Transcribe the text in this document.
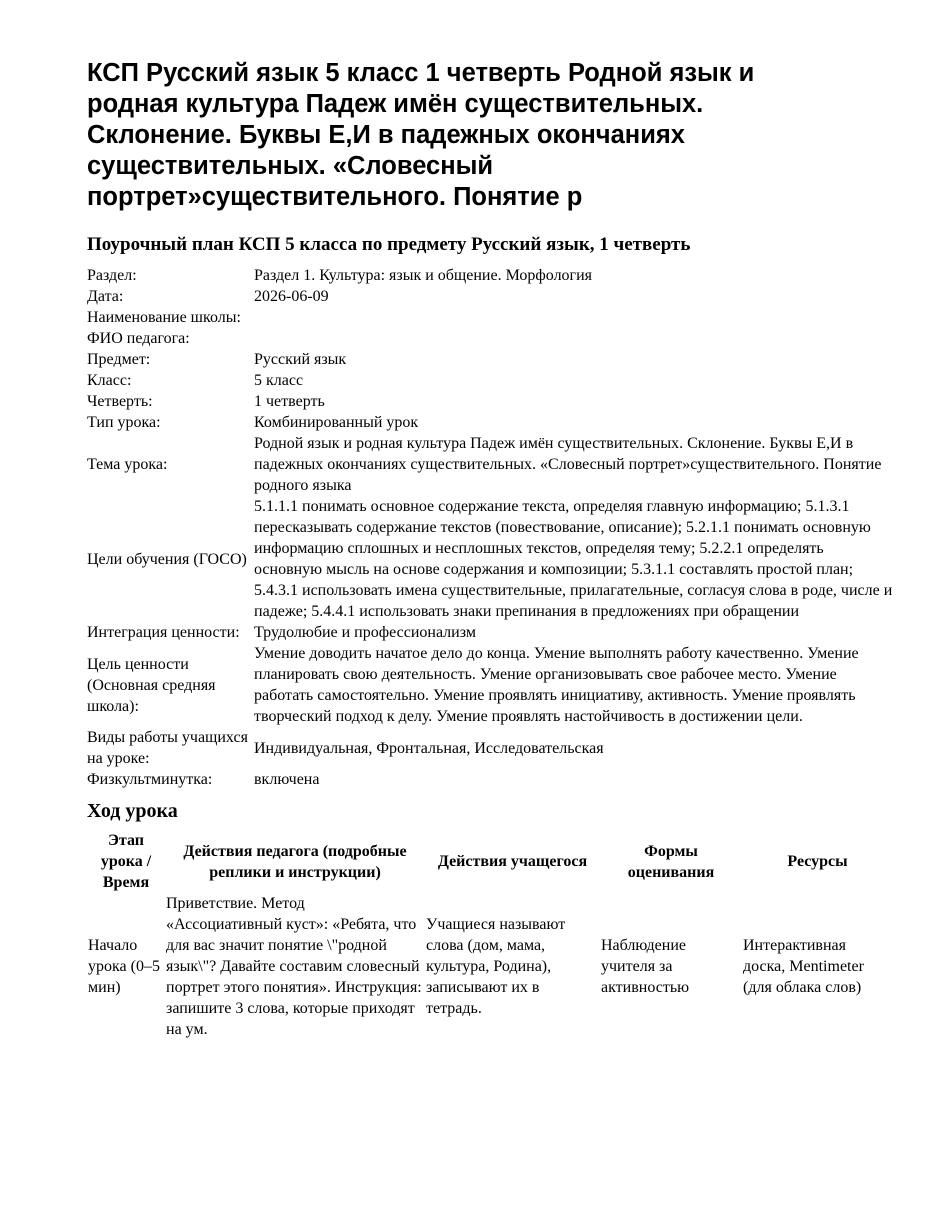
КСП Русский язык 5 класс 1 четверть Родной язык и родная культура Падеж имён существительных. Склонение. Буквы Е,И в падежных окончаниях существительных. «Словесный портрет»существительного. Понятие р
Поурочный план КСП 5 класса по предмету Русский язык, 1 четверть
Раздел:	Раздел 1. Культура: язык и общение. Морфология
Дата:	2026-06-09
Наименование школы:	
ФИО педагога:	
Предмет:	Русский язык
Класс:	5 класс
Четверть:	1 четверть
Тип урока:	Комбинированный урок
Тема урока:	Родной язык и родная культура Падеж имён существительных. Склонение. Буквы Е,И в падежных окончаниях существительных. «Словесный портрет»существительного. Понятие родного языка
Цели обучения (ГОСО)	5.1.1.1 понимать основное содержание текста, определяя главную информацию; 5.1.3.1 пересказывать содержание текстов (повествование, описание); 5.2.1.1 понимать основную информацию сплошных и несплошных текстов, определяя тему; 5.2.2.1 определять основную мысль на основе содержания и композиции; 5.3.1.1 составлять простой план; 5.4.3.1 использовать имена существительные, прилагательные, согласуя слова в роде, числе и падеже; 5.4.4.1 использовать знаки препинания в предложениях при обращении
Интеграция ценности:	Трудолюбие и профессионализм
Цель ценности (Основная средняя школа):	Умение доводить начатое дело до конца. Умение выполнять работу качественно. Умение планировать свою деятельность. Умение организовывать свое рабочее место. Умение работать самостоятельно. Умение проявлять инициативу, активность. Умение проявлять творческий подход к делу. Умение проявлять настойчивость в достижении цели.
Виды работы учащихся на уроке:	Индивидуальная, Фронтальная, Исследовательская
Физкультминутка:	включена
Ход урока
Этап урока / Время	Действия педагога (подробные реплики и инструкции)	Действия учащегося	Формы оценивания	Ресурсы
Начало урока (0–5 мин)	Приветствие. Метод «Ассоциативный куст»: «Ребята, что для вас значит понятие \"родной язык\"? Давайте составим словесный портрет этого понятия». Инструкция: запишите 3 слова, которые приходят на ум.	Учащиеся называют слова (дом, мама, культура, Родина), записывают их в тетрадь.	Наблюдение учителя за активностью	Интерактивная доска, Mentimeter (для облака слов)
